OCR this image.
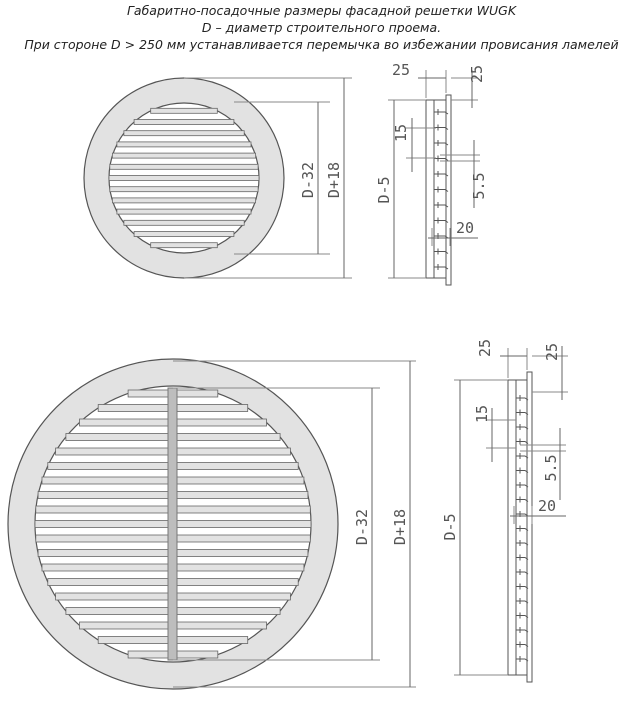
Габаритно-посадочные размеры фасадной решетки WUGK
D – диаметр строительного проема.
При стороне D > 250 мм устанавливается перемычка во избежании провисания ламелей
D-32 D+18 D-5
25	25
15
5.5
20
D-32 D+18 D-5
25	25
15
5.5
20
